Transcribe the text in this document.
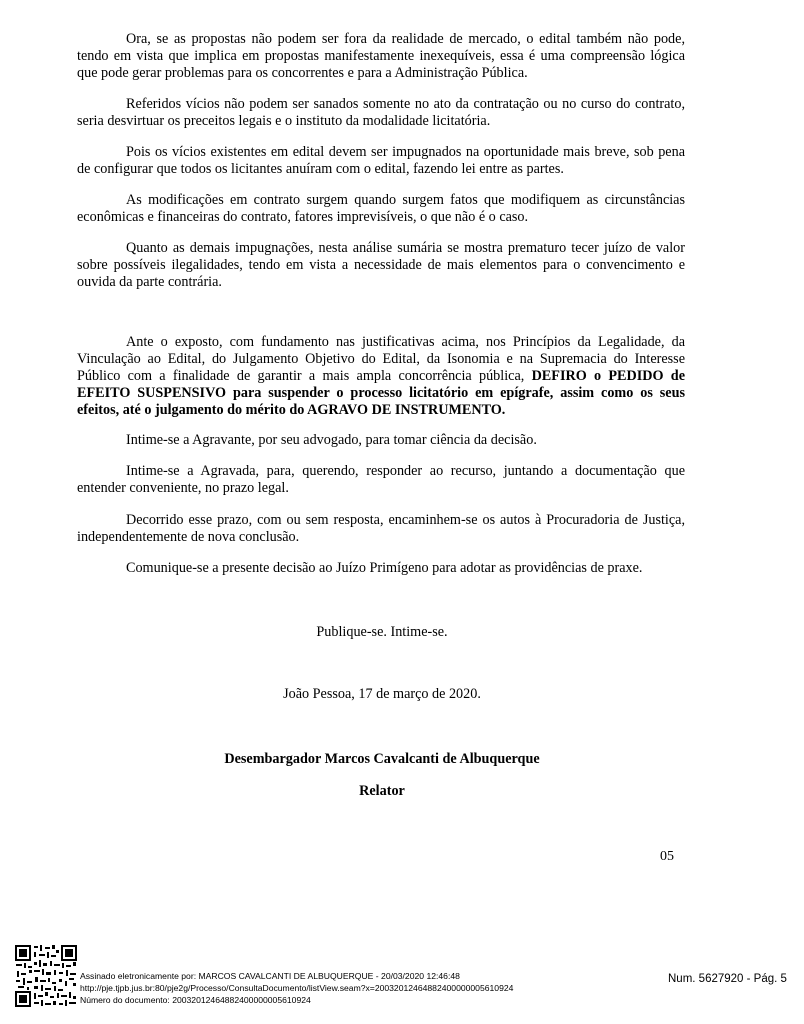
Ora, se as propostas não podem ser fora da realidade de mercado, o edital também não pode, tendo em vista que implica em propostas manifestamente inexequíveis, essa é uma compreensão lógica que pode gerar problemas para os concorrentes e para a Administração Pública.

Referidos vícios não podem ser sanados somente no ato da contratação ou no curso do contrato, seria desvirtuar os preceitos legais e o instituto da modalidade licitatória.

Pois os vícios existentes em edital devem ser impugnados na oportunidade mais breve, sob pena de configurar que todos os licitantes anuíram com o edital, fazendo lei entre as partes.

As modificações em contrato surgem quando surgem fatos que modifiquem as circunstâncias econômicas e financeiras do contrato, fatores imprevisíveis, o que não é o caso.

Quanto as demais impugnações, nesta análise sumária se mostra prematuro tecer juízo de valor sobre possíveis ilegalidades, tendo em vista a necessidade de mais elementos para o convencimento e ouvida da parte contrária.

Ante o exposto, com fundamento nas justificativas acima, nos Princípios da Legalidade, da Vinculação ao Edital, do Julgamento Objetivo do Edital, da Isonomia e na Supremacia do Interesse Público com a finalidade de garantir a mais ampla concorrência pública, DEFIRO o PEDIDO de EFEITO SUSPENSIVO para suspender o processo licitatório em epígrafe, assim como os seus efeitos, até o julgamento do mérito do AGRAVO DE INSTRUMENTO.

Intime-se a Agravante, por seu advogado, para tomar ciência da decisão.

Intime-se a Agravada, para, querendo, responder ao recurso, juntando a documentação que entender conveniente, no prazo legal.

Decorrido esse prazo, com ou sem resposta, encaminhem-se os autos à Procuradoria de Justiça, independentemente de nova conclusão.

Comunique-se a presente decisão ao Juízo Primígeno para adotar as providências de praxe.

Publique-se. Intime-se.

João Pessoa, 17 de março de 2020.

Desembargador Marcos Cavalcanti de Albuquerque

Relator

05
Assinado eletronicamente por: MARCOS CAVALCANTI DE ALBUQUERQUE - 20/03/2020 12:46:48
http://pje.tjpb.jus.br:80/pje2g/Processo/ConsultaDocumento/listView.seam?x=20032012464882400000005610924
Número do documento: 20032012464882400000005610924
Num. 5627920 - Pág. 5
